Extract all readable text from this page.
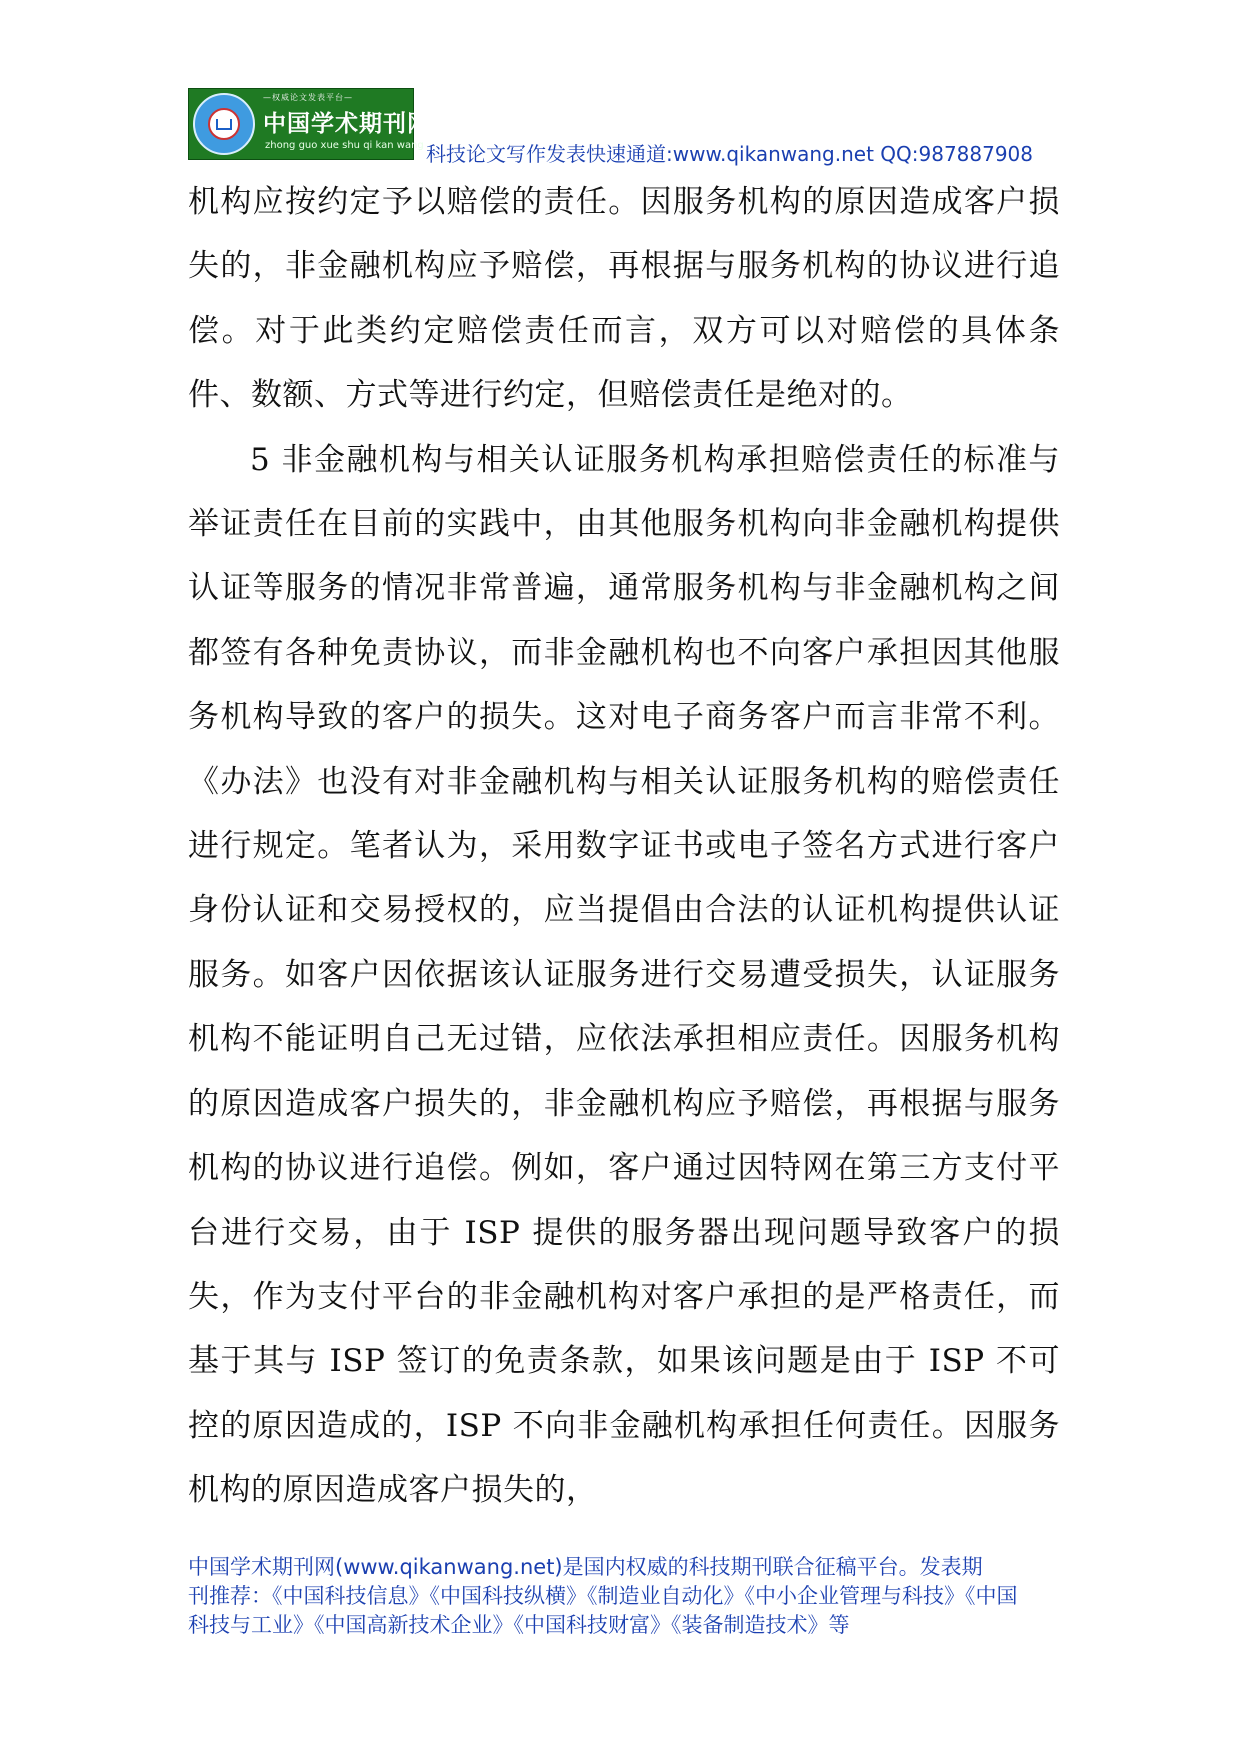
—权威论文发表平台—
中国学术期刊网
zhong guo xue shu qi kan wang 科技论文写作发表快速通道:www.qikanwang.net QQ:987887908

机构应按约定予以赔偿的责任。因服务机构的原因造成客户损失的，非金融机构应予赔偿，再根据与服务机构的协议进行追偿。对于此类约定赔偿责任而言，双方可以对赔偿的具体条件、数额、方式等进行约定，但赔偿责任是绝对的。

5 非金融机构与相关认证服务机构承担赔偿责任的标准与举证责任在目前的实践中，由其他服务机构向非金融机构提供认证等服务的情况非常普遍，通常服务机构与非金融机构之间都签有各种免责协议，而非金融机构也不向客户承担因其他服务机构导致的客户的损失。这对电子商务客户而言非常不利。《办法》也没有对非金融机构与相关认证服务机构的赔偿责任进行规定。笔者认为，采用数字证书或电子签名方式进行客户身份认证和交易授权的，应当提倡由合法的认证机构提供认证服务。如客户因依据该认证服务进行交易遭受损失，认证服务机构不能证明自己无过错，应依法承担相应责任。因服务机构的原因造成客户损失的，非金融机构应予赔偿，再根据与服务机构的协议进行追偿。例如，客户通过因特网在第三方支付平台进行交易，由于 ISP 提供的服务器出现问题导致客户的损失，作为支付平台的非金融机构对客户承担的是严格责任，而基于其与 ISP 签订的免责条款，如果该问题是由于 ISP 不可控的原因造成的，ISP 不向非金融机构承担任何责任。因服务机构的原因造成客户损失的，

中国学术期刊网(www.qikanwang.net)是国内权威的科技期刊联合征稿平台。发表期

刊推荐：《中国科技信息》《中国科技纵横》《制造业自动化》《中小企业管理与科技》《中国

科技与工业》《中国高新技术企业》《中国科技财富》《装备制造技术》等
